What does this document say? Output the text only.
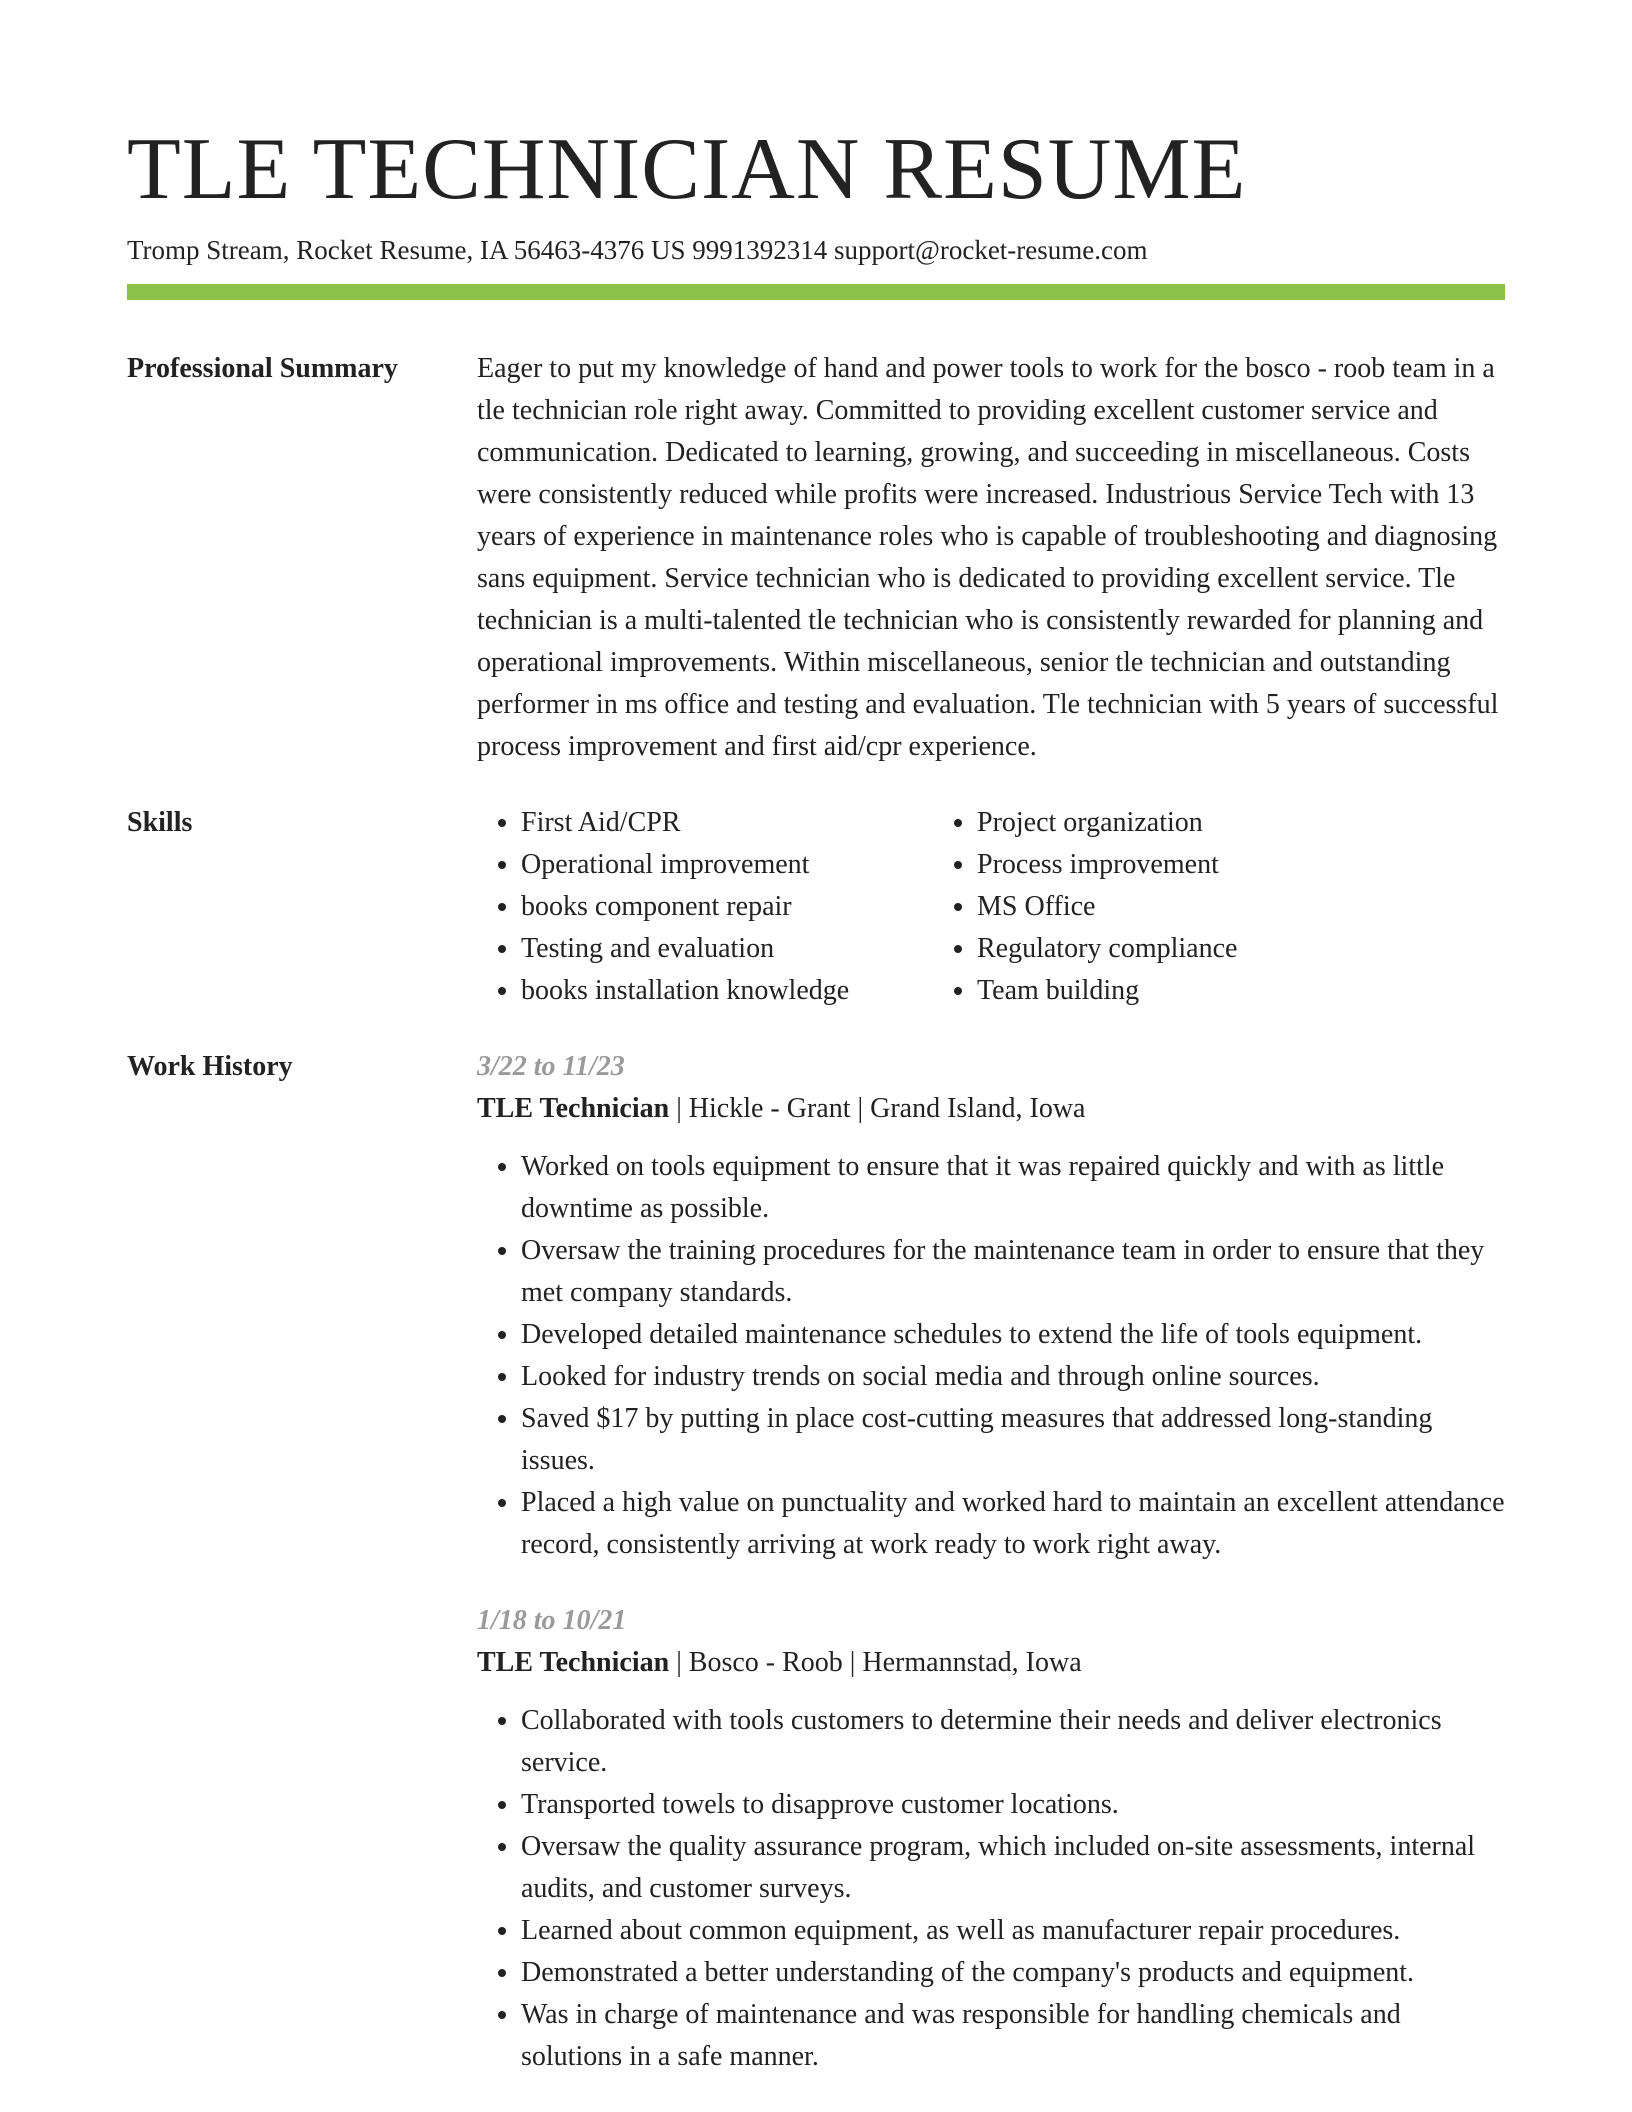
TLE TECHNICIAN RESUME
Tromp Stream, Rocket Resume, IA 56463-4376 US 9991392314 support@rocket-resume.com
Professional Summary	Eager to put my knowledge of hand and power tools to work for the bosco - roob team in a tle technician role right away. Committed to providing excellent customer service and communication. Dedicated to learning, growing, and succeeding in miscellaneous. Costs were consistently reduced while profits were increased. Industrious Service Tech with 13 years of experience in maintenance roles who is capable of troubleshooting and diagnosing sans equipment. Service technician who is dedicated to providing excellent service. Tle technician is a multi-talented tle technician who is consistently rewarded for planning and operational improvements. Within miscellaneous, senior tle technician and outstanding performer in ms office and testing and evaluation. Tle technician with 5 years of successful process improvement and first aid/cpr experience.

Skills
•	First Aid/CPR
• Operational improvement
• books component repair
• Testing and evaluation
• books installation knowledge
• Project organization
• Process improvement
• MS Office
• Regulatory compliance
• Team building
Work History	3/22 to 11/23
TLE Technician | Hickle - Grant | Grand Island, Iowa
• Worked on tools equipment to ensure that it was repaired quickly and with as little downtime as possible.
• Oversaw the training procedures for the maintenance team in order to ensure that they met company standards.
• Developed detailed maintenance schedules to extend the life of tools equipment.
• Looked for industry trends on social media and through online sources.
• Saved $17 by putting in place cost-cutting measures that addressed long-standing issues.
• Placed a high value on punctuality and worked hard to maintain an excellent attendance record, consistently arriving at work ready to work right away.
1/18 to 10/21
TLE Technician | Bosco - Roob | Hermannstad, Iowa
• Collaborated with tools customers to determine their needs and deliver electronics service.
• Transported towels to disapprove customer locations.
• Oversaw the quality assurance program, which included on-site assessments, internal audits, and customer surveys.
• Learned about common equipment, as well as manufacturer repair procedures.
• Demonstrated a better understanding of the company's products and equipment.
• Was in charge of maintenance and was responsible for handling chemicals and solutions in a safe manner.
